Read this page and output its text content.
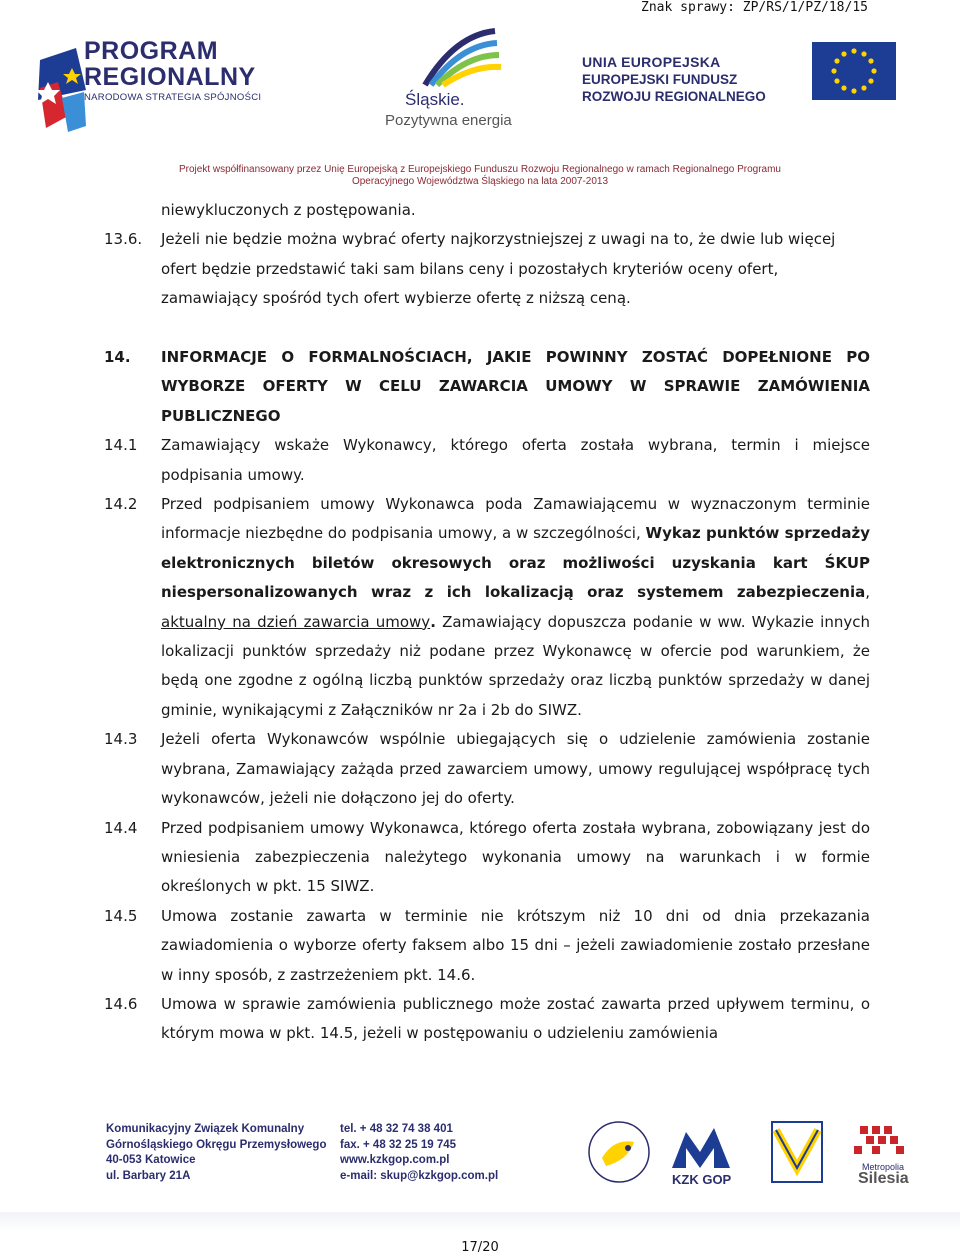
Znak sprawy: ZP/RS/1/PZ/18/15
PROGRAM
REGIONALNY
NARODOWA STRATEGIA SPÓJNOŚCI	Śląskie.
Pozytywna energia
UNIA EUROPEJSKA
EUROPEJSKI FUNDUSZ
ROZWOJU REGIONALNEGO
Projekt współfinansowany przez Unię Europejską z Europejskiego Funduszu Rozwoju Regionalnego w ramach Regionalnego Programu
Operacyjnego Województwa Śląskiego na lata 2007-2013
niewykluczonych z postępowania.
13.6.	Jeżeli nie będzie można wybrać oferty najkorzystniejszej z uwagi na to, że dwie lub więcej ofert będzie przedstawić taki sam bilans ceny i pozostałych kryteriów oceny ofert, zamawiający spośród tych ofert wybierze ofertę z niższą ceną.
14.	INFORMACJE O FORMALNOŚCIACH, JAKIE POWINNY ZOSTAĆ DOPEŁNIONE PO WYBORZE OFERTY W CELU ZAWARCIA UMOWY W SPRAWIE ZAMÓWIENIA PUBLICZNEGO
14.1	Zamawiający wskaże Wykonawcy, którego oferta została wybrana, termin i miejsce podpisania umowy.
14.2	Przed podpisaniem umowy Wykonawca poda Zamawiającemu w wyznaczonym terminie informacje niezbędne do podpisania umowy, a w szczególności, Wykaz punktów sprzedaży elektronicznych biletów okresowych oraz możliwości uzyskania kart ŚKUP niespersonalizowanych wraz z ich lokalizacją oraz systemem zabezpieczenia, aktualny na dzień zawarcia umowy. Zamawiający dopuszcza podanie w ww. Wykazie innych lokalizacji punktów sprzedaży niż podane przez Wykonawcę w ofercie pod warunkiem, że będą one zgodne z ogólną liczbą punktów sprzedaży oraz liczbą punktów sprzedaży w danej gminie, wynikającymi z Załączników nr 2a i 2b do SIWZ.
14.3	Jeżeli oferta Wykonawców wspólnie ubiegających się o udzielenie zamówienia zostanie wybrana, Zamawiający zażąda przed zawarciem umowy, umowy regulującej współpracę tych wykonawców, jeżeli nie dołączono jej do oferty.
14.4	Przed podpisaniem umowy Wykonawca, którego oferta została wybrana, zobowiązany jest do wniesienia zabezpieczenia należytego wykonania umowy na warunkach i w formie określonych w pkt. 15 SIWZ.
14.5	Umowa zostanie zawarta w terminie nie krótszym niż 10 dni od dnia przekazania zawiadomienia o wyborze oferty faksem albo 15 dni – jeżeli zawiadomienie zostało przesłane w inny sposób, z zastrzeżeniem pkt. 14.6.
14.6	Umowa w sprawie zamówienia publicznego może zostać zawarta przed upływem terminu, o którym mowa w pkt. 14.5, jeżeli w postępowaniu o udzieleniu zamówienia
Komunikacyjny Związek Komunalny
Górnośląskiego Okręgu Przemysłowego
40-053 Katowice
ul. Barbary 21A
tel. + 48 32 74 38 401
fax. + 48 32 25 19 745
www.kzkgop.com.pl
e-mail: skup@kzkgop.com.pl	KZK GOP
Metropolia
Silesia
17/20
